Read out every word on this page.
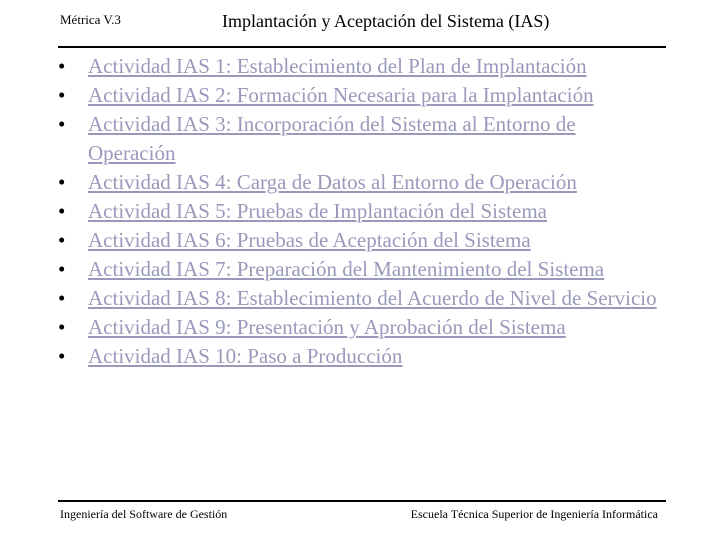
Métrica V.3	Implantación y Aceptación del Sistema (IAS)
• Actividad IAS 1: Establecimiento del Plan de Implantación
• Actividad IAS 2: Formación Necesaria para la Implantación
• Actividad IAS 3: Incorporación del Sistema al Entorno de Operación
• Actividad IAS 4: Carga de Datos al Entorno de Operación
• Actividad IAS 5: Pruebas de Implantación del Sistema
• Actividad IAS 6: Pruebas de Aceptación del Sistema
• Actividad IAS 7: Preparación del Mantenimiento del Sistema
• Actividad IAS 8: Establecimiento del Acuerdo de Nivel de Servicio
• Actividad IAS 9: Presentación y Aprobación del Sistema
• Actividad IAS 10: Paso a Producción
Ingeniería del Software de Gestión	Escuela Técnica Superior de Ingeniería Informática
